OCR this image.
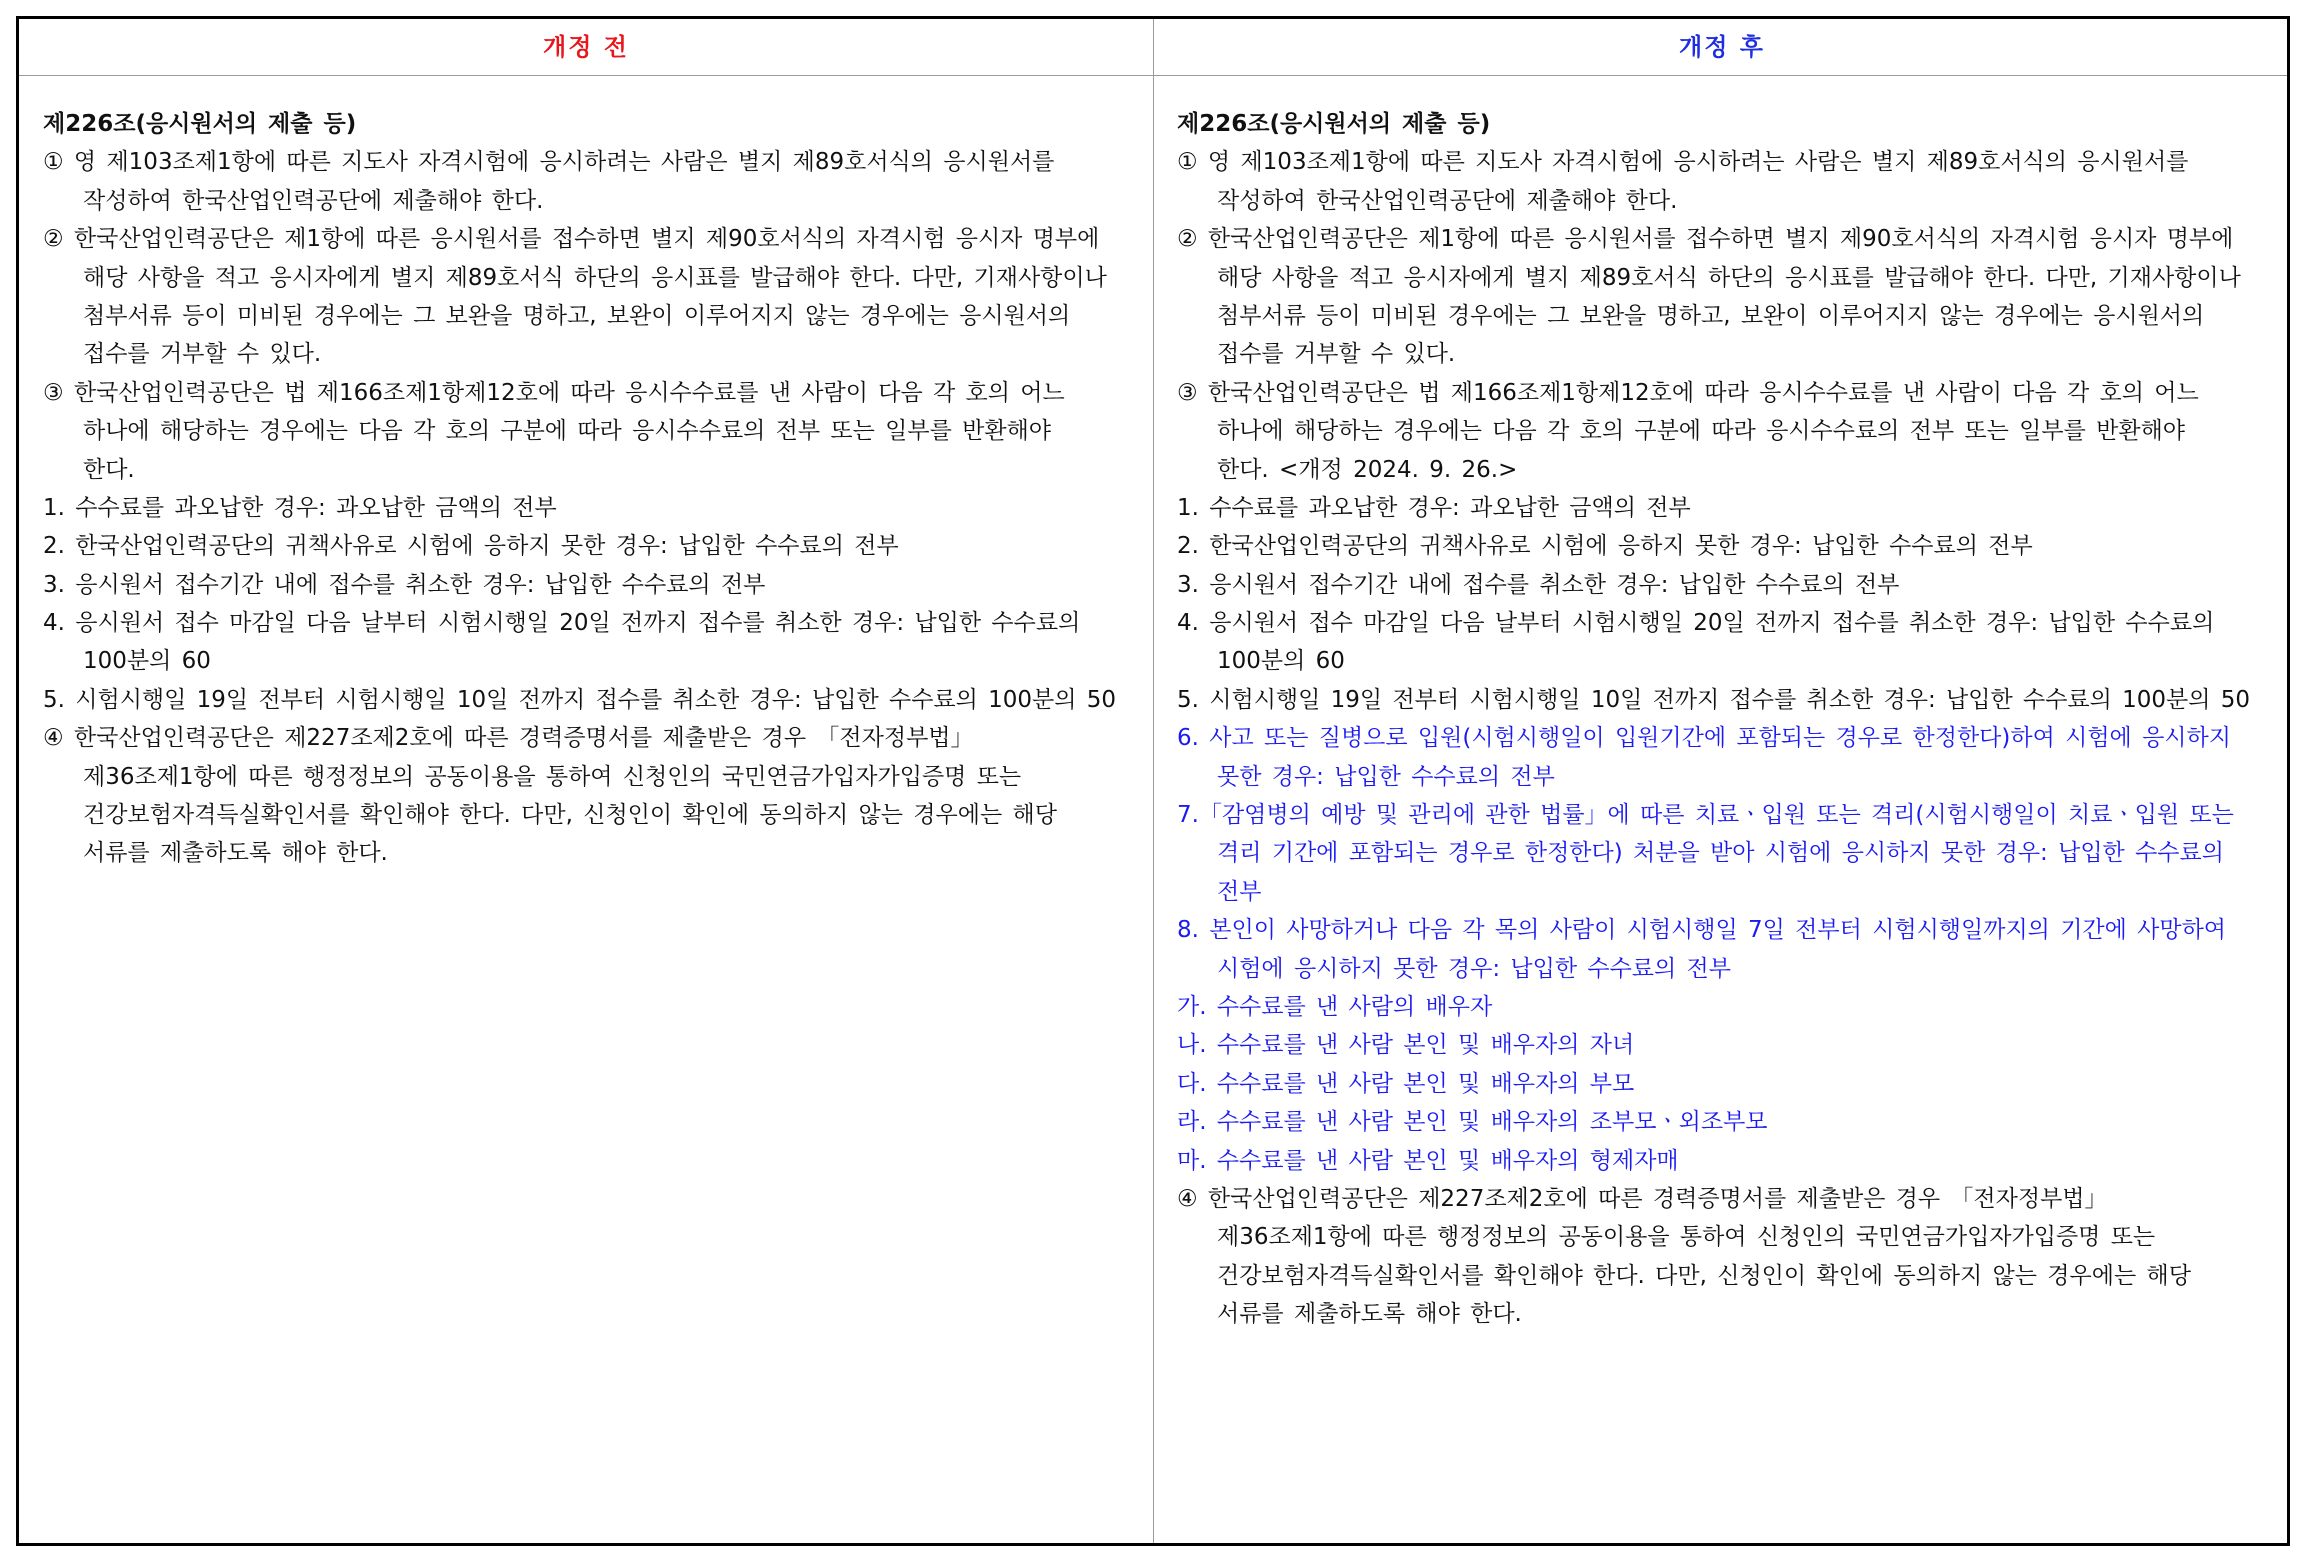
개정 전	개정 후
제226조(응시원서의 제출 등)
① 영 제103조제1항에 따른 지도사 자격시험에 응시하려는 사람은 별지 제89호서식의 응시원서를
작성하여 한국산업인력공단에 제출해야 한다.
② 한국산업인력공단은 제1항에 따른 응시원서를 접수하면 별지 제90호서식의 자격시험 응시자 명부에
해당 사항을 적고 응시자에게 별지 제89호서식 하단의 응시표를 발급해야 한다. 다만, 기재사항이나
첨부서류 등이 미비된 경우에는 그 보완을 명하고, 보완이 이루어지지 않는 경우에는 응시원서의
접수를 거부할 수 있다.
③ 한국산업인력공단은 법 제166조제1항제12호에 따라 응시수수료를 낸 사람이 다음 각 호의 어느
하나에 해당하는 경우에는 다음 각 호의 구분에 따라 응시수수료의 전부 또는 일부를 반환해야
한다.
1. 수수료를 과오납한 경우: 과오납한 금액의 전부
2. 한국산업인력공단의 귀책사유로 시험에 응하지 못한 경우: 납입한 수수료의 전부
3. 응시원서 접수기간 내에 접수를 취소한 경우: 납입한 수수료의 전부
4. 응시원서 접수 마감일 다음 날부터 시험시행일 20일 전까지 접수를 취소한 경우: 납입한 수수료의
100분의 60
5. 시험시행일 19일 전부터 시험시행일 10일 전까지 접수를 취소한 경우: 납입한 수수료의 100분의 50
④ 한국산업인력공단은 제227조제2호에 따른 경력증명서를 제출받은 경우 「전자정부법」
제36조제1항에 따른 행정정보의 공동이용을 통하여 신청인의 국민연금가입자가입증명 또는
건강보험자격득실확인서를 확인해야 한다. 다만, 신청인이 확인에 동의하지 않는 경우에는 해당
서류를 제출하도록 해야 한다.
제226조(응시원서의 제출 등)
① 영 제103조제1항에 따른 지도사 자격시험에 응시하려는 사람은 별지 제89호서식의 응시원서를
작성하여 한국산업인력공단에 제출해야 한다.
② 한국산업인력공단은 제1항에 따른 응시원서를 접수하면 별지 제90호서식의 자격시험 응시자 명부에
해당 사항을 적고 응시자에게 별지 제89호서식 하단의 응시표를 발급해야 한다. 다만, 기재사항이나
첨부서류 등이 미비된 경우에는 그 보완을 명하고, 보완이 이루어지지 않는 경우에는 응시원서의
접수를 거부할 수 있다.
③ 한국산업인력공단은 법 제166조제1항제12호에 따라 응시수수료를 낸 사람이 다음 각 호의 어느
하나에 해당하는 경우에는 다음 각 호의 구분에 따라 응시수수료의 전부 또는 일부를 반환해야
한다. <개정 2024. 9. 26.>
1. 수수료를 과오납한 경우: 과오납한 금액의 전부
2. 한국산업인력공단의 귀책사유로 시험에 응하지 못한 경우: 납입한 수수료의 전부
3. 응시원서 접수기간 내에 접수를 취소한 경우: 납입한 수수료의 전부
4. 응시원서 접수 마감일 다음 날부터 시험시행일 20일 전까지 접수를 취소한 경우: 납입한 수수료의
100분의 60
5. 시험시행일 19일 전부터 시험시행일 10일 전까지 접수를 취소한 경우: 납입한 수수료의 100분의 50
6. 사고 또는 질병으로 입원(시험시행일이 입원기간에 포함되는 경우로 한정한다)하여 시험에 응시하지
못한 경우: 납입한 수수료의 전부
7.「감염병의 예방 및 관리에 관한 법률」에 따른 치료ㆍ입원 또는 격리(시험시행일이 치료ㆍ입원 또는
격리 기간에 포함되는 경우로 한정한다) 처분을 받아 시험에 응시하지 못한 경우: 납입한 수수료의
전부
8. 본인이 사망하거나 다음 각 목의 사람이 시험시행일 7일 전부터 시험시행일까지의 기간에 사망하여
시험에 응시하지 못한 경우: 납입한 수수료의 전부
가. 수수료를 낸 사람의 배우자
나. 수수료를 낸 사람 본인 및 배우자의 자녀
다. 수수료를 낸 사람 본인 및 배우자의 부모
라. 수수료를 낸 사람 본인 및 배우자의 조부모ㆍ외조부모
마. 수수료를 낸 사람 본인 및 배우자의 형제자매
④ 한국산업인력공단은 제227조제2호에 따른 경력증명서를 제출받은 경우 「전자정부법」
제36조제1항에 따른 행정정보의 공동이용을 통하여 신청인의 국민연금가입자가입증명 또는
건강보험자격득실확인서를 확인해야 한다. 다만, 신청인이 확인에 동의하지 않는 경우에는 해당
서류를 제출하도록 해야 한다.
